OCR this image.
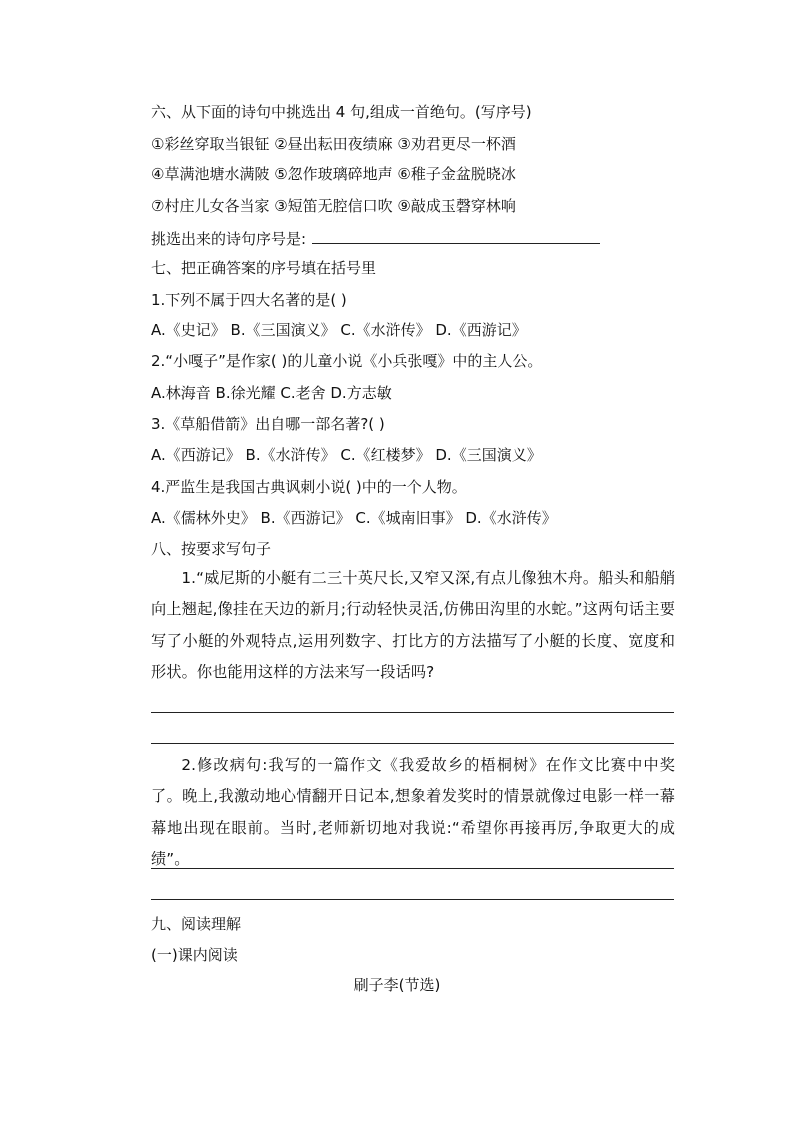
六、从下面的诗句中挑选出 4 句,组成一首绝句。(写序号)
①彩丝穿取当银钲 ②昼出耘田夜绩麻 ③劝君更尽一杯酒
④草满池塘水满陂 ⑤忽作玻璃碎地声 ⑥稚子金盆脱晓冰
⑦村庄儿女各当家 ③短笛无腔信口吹 ⑨敲成玉磬穿林响
挑选出来的诗句序号是:
七、把正确答案的序号填在括号里
1.下列不属于四大名著的是( )
A.《史记》 B.《三国演义》 C.《水浒传》 D.《西游记》
2.“小嘎子”是作家( )的儿童小说《小兵张嘎》中的主人公。
A.林海音 B.徐光耀 C.老舍 D.方志敏
3.《草船借箭》出自哪一部名著?( )
A.《西游记》 B.《水浒传》 C.《红楼梦》 D.《三国演义》
4.严监生是我国古典讽刺小说( )中的一个人物。
A.《儒林外史》 B.《西游记》 C.《城南旧事》 D.《水浒传》
八、按要求写句子
1.“威尼斯的小艇有二三十英尺长,又窄又深,有点儿像独木舟。船头和船艄向上翘起,像挂在天边的新月;行动轻快灵活,仿佛田沟里的水蛇。”这两句话主要写了小艇的外观特点,运用列数字、打比方的方法描写了小艇的长度、宽度和形状。你也能用这样的方法来写一段话吗?
2.修改病句:我写的一篇作文《我爱故乡的梧桐树》在作文比赛中中奖了。晚上,我激动地心情翻开日记本,想象着发奖时的情景就像过电影一样一幕幕地出现在眼前。当时,老师新切地对我说:“希望你再接再厉,争取更大的成绩”。
九、阅读理解
(一)课内阅读
刷子李(节选)
